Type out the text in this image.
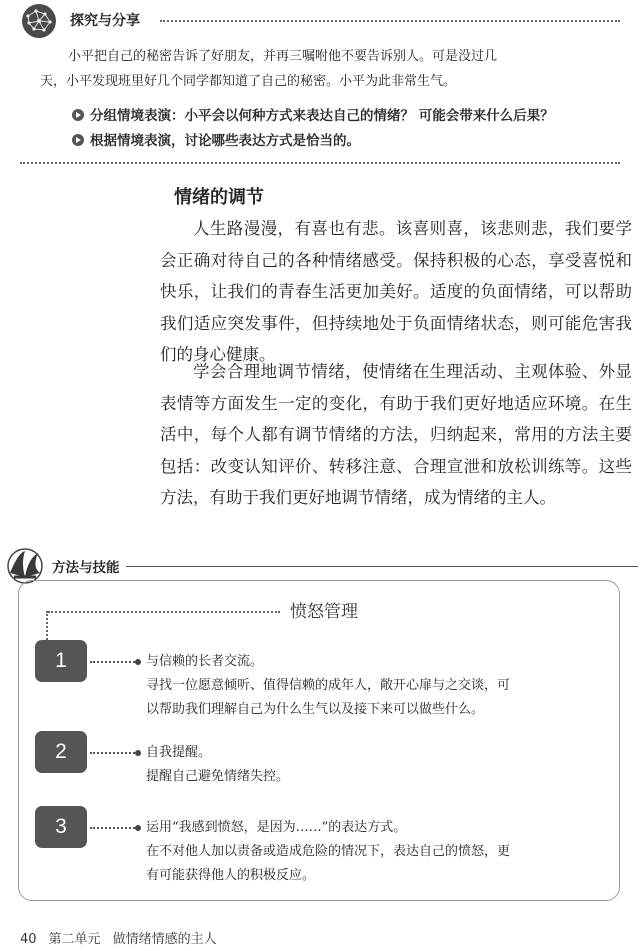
探究与分享
小平把自己的秘密告诉了好朋友，并再三嘱咐他不要告诉别人。可是没过几
天，小平发现班里好几个同学都知道了自己的秘密。小平为此非常生气。
分组情境表演：小平会以何种方式来表达自己的情绪？ 可能会带来什么后果？
根据情境表演，讨论哪些表达方式是恰当的。
情绪的调节
人生路漫漫，有喜也有悲。该喜则喜，该悲则悲，我们要学会正确对待自己的各种情绪感受。保持积极的心态，享受喜悦和快乐，让我们的青春生活更加美好。适度的负面情绪，可以帮助我们适应突发事件，但持续地处于负面情绪状态，则可能危害我们的身心健康。
学会合理地调节情绪，使情绪在生理活动、主观体验、外显表情等方面发生一定的变化，有助于我们更好地适应环境。在生活中，每个人都有调节情绪的方法，归纳起来，常用的方法主要包括：改变认知评价、转移注意、合理宣泄和放松训练等。这些方法，有助于我们更好地调节情绪，成为情绪的主人。
方法与技能
愤怒管理
1	与信赖的长者交流。
寻找一位愿意倾听、值得信赖的成年人，敞开心扉与之交谈，可
以帮助我们理解自己为什么生气以及接下来可以做些什么。
2	自我提醒。
提醒自己避免情绪失控。
3	运用“我感到愤怒，是因为……”的表达方式。
在不对他人加以责备或造成危险的情况下，表达自己的愤怒，更
有可能获得他人的积极反应。
40 第二单元 做情绪情感的主人
